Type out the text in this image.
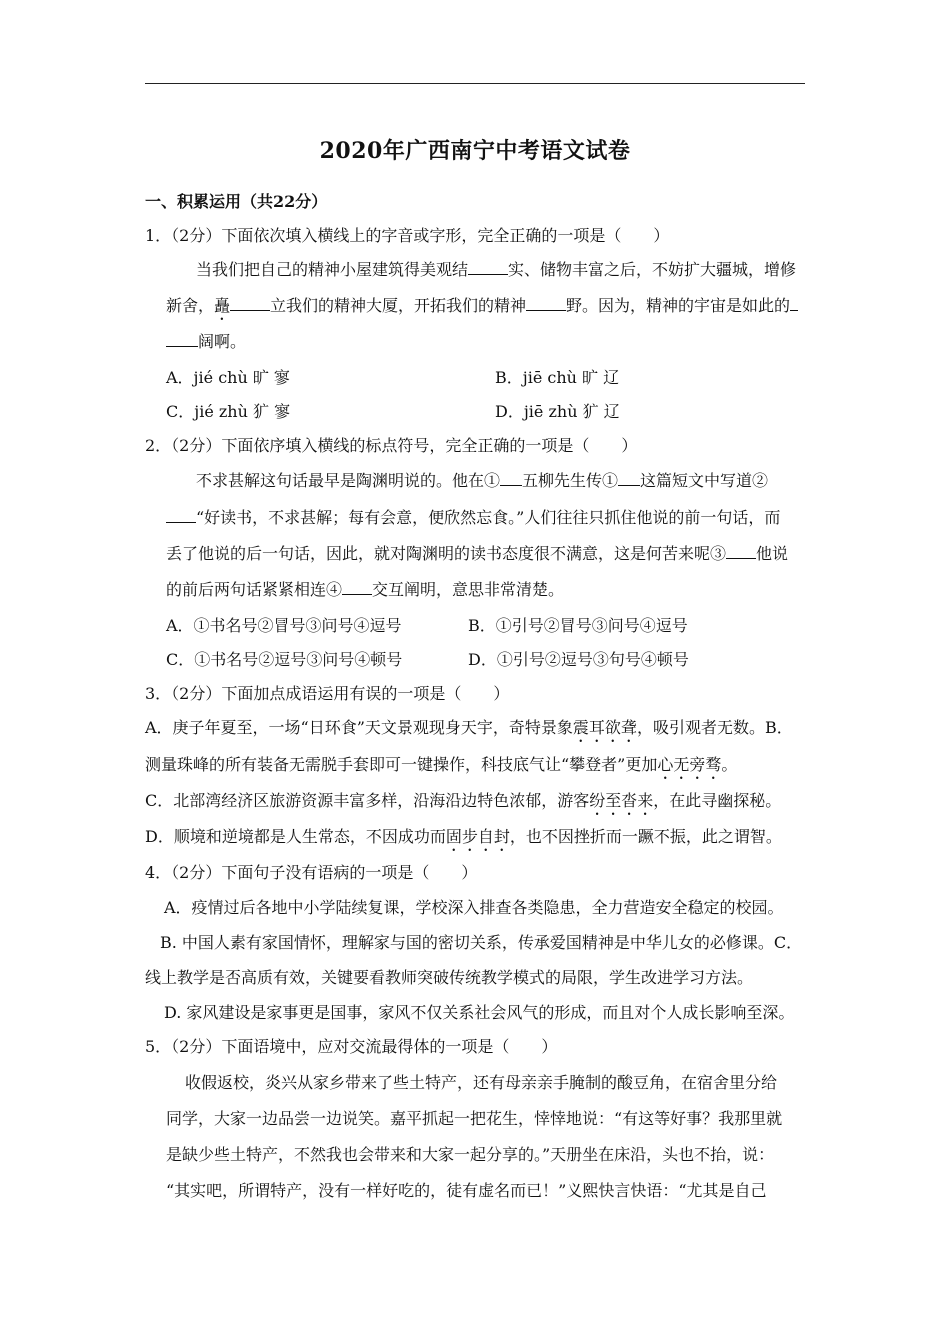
2020年广西南宁中考语文试卷
一、积累运用（共22分）
1．（2分）下面依次填入横线上的字音或字形，完全正确的一项是（　　）
当我们把自己的精神小屋建筑得美观结	实、储物丰富之后，不妨扩大疆城，增修
新舍，矗	立我们的精神大厦，开拓我们的精神	野。因为，精神的宇宙是如此的
阔啊。
A．jié chù 旷 寥	B．jiē chù 旷 辽
C．jié zhù 犷 寥	D．jiē zhù 犷 辽
2．（2分）下面依序填入横线的标点符号，完全正确的一项是（　　）
不求甚解这句话最早是陶渊明说的。他在① 五柳先生传① 这篇短文中写道②
“好读书，不求甚解；每有会意，便欣然忘食。”人们往往只抓住他说的前一句话，而
丢了他说的后一句话，因此，就对陶渊明的读书态度很不满意，这是何苦来呢③ 他说
的前后两句话紧紧相连④ 交互阐明，意思非常清楚。
A．①书名号②冒号③问号④逗号	B．①引号②冒号③问号④逗号
C．①书名号②逗号③问号④顿号	D．①引号②逗号③句号④顿号
3．（2分）下面加点成语运用有误的一项是（　　）
A．庚子年夏至，一场“日环食”天文景观现身天宇，奇特景象震耳欲聋，吸引观者无数。B．
测量珠峰的所有装备无需脱手套即可一键操作，科技底气让“攀登者”更加心无旁骛。
C．北部湾经济区旅游资源丰富多样，沿海沿边特色浓郁，游客纷至沓来，在此寻幽探秘。
D．顺境和逆境都是人生常态，不因成功而固步自封，也不因挫折而一蹶不振，此之谓智。
4．（2分）下面句子没有语病的一项是（　　）
A．疫情过后各地中小学陆续复课，学校深入排查各类隐患，全力营造安全稳定的校园。
B. 中国人素有家国情怀，理解家与国的密切关系，传承爱国精神是中华儿女的必修课。C．
线上教学是否高质有效，关键要看教师突破传统教学模式的局限，学生改进学习方法。
D. 家风建设是家事更是国事，家风不仅关系社会风气的形成，而且对个人成长影响至深。
5．（2分）下面语境中，应对交流最得体的一项是（　　）
收假返校，炎兴从家乡带来了些土特产，还有母亲亲手腌制的酸豆角，在宿舍里分给
同学，大家一边品尝一边说笑。嘉平抓起一把花生，悻悻地说：“有这等好事？我那里就
是缺少些土特产，不然我也会带来和大家一起分享的。”天册坐在床沿，头也不抬，说：
“其实吧，所谓特产，没有一样好吃的，徒有虚名而已！”义熙快言快语：“尤其是自己
